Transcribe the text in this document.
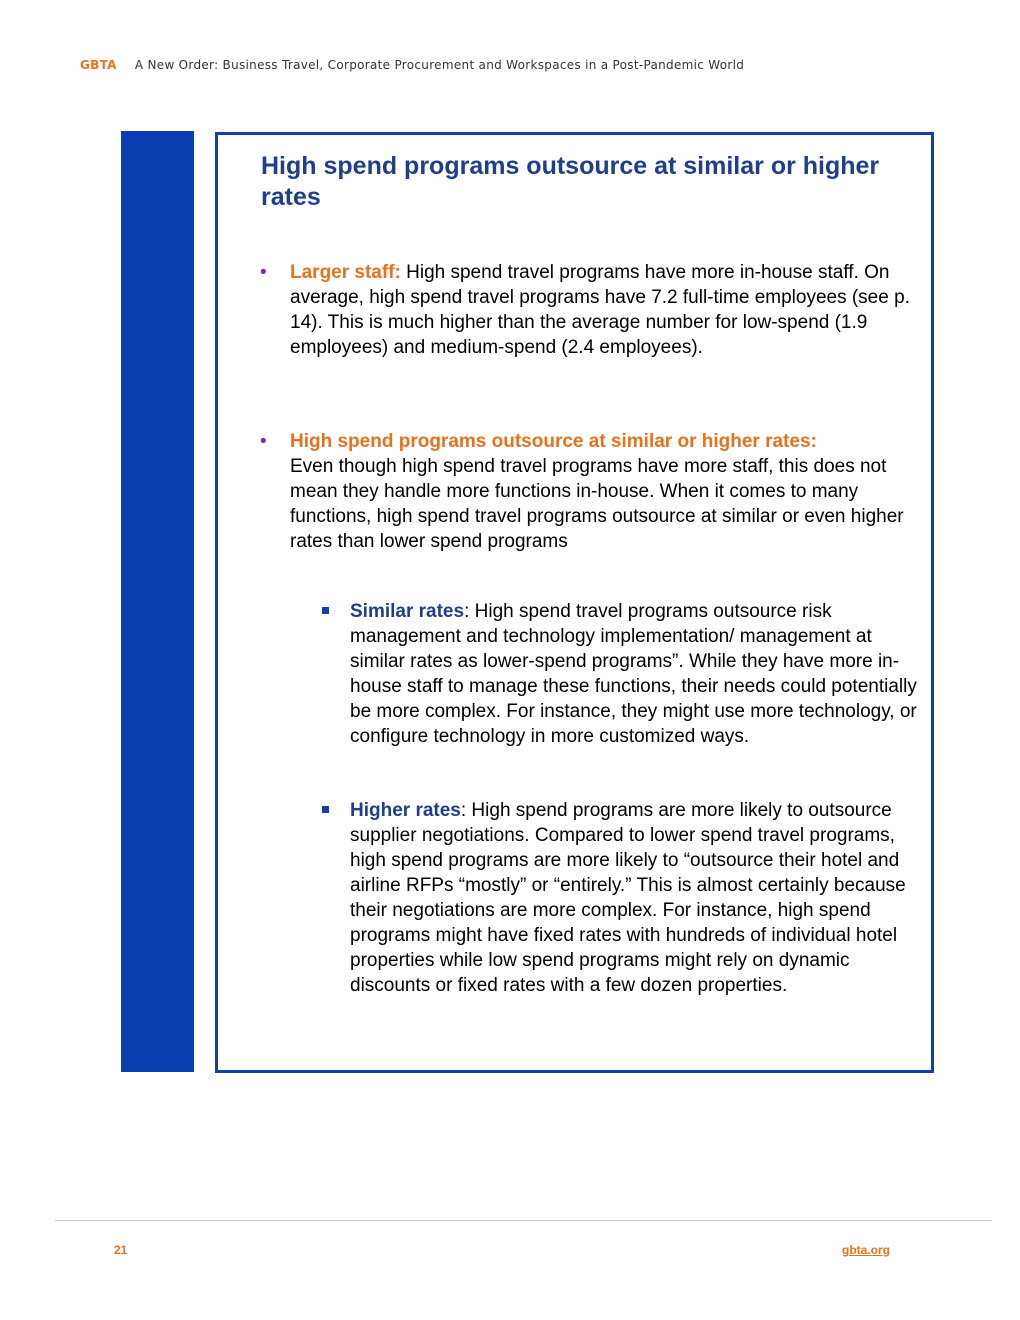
GBTA A New Order: Business Travel, Corporate Procurement and Workspaces in a Post-Pandemic World
High spend programs outsource at similar or higher rates
• Larger staff: High spend travel programs have more in-house staff. On average, high spend travel programs have 7.2 full-time employees (see p. 14). This is much higher than the average number for low-spend (1.9 employees) and medium-spend (2.4 employees).
• High spend programs outsource at similar or higher rates:
Even though high spend travel programs have more staff, this does not mean they handle more functions in-house. When it comes to many functions, high spend travel programs outsource at similar or even higher rates than lower spend programs
Similar rates: High spend travel programs outsource risk management and technology implementation/ management at similar rates as lower-spend programs”. While they have more in-house staff to manage these functions, their needs could potentially be more complex. For instance, they might use more technology, or configure technology in more customized ways.
Higher rates: High spend programs are more likely to outsource supplier negotiations. Compared to lower spend travel programs, high spend programs are more likely to “outsource their hotel and airline RFPs “mostly” or “entirely.” This is almost certainly because their negotiations are more complex. For instance, high spend programs might have fixed rates with hundreds of individual hotel properties while low spend programs might rely on dynamic discounts or fixed rates with a few dozen properties.
21	gbta.org
